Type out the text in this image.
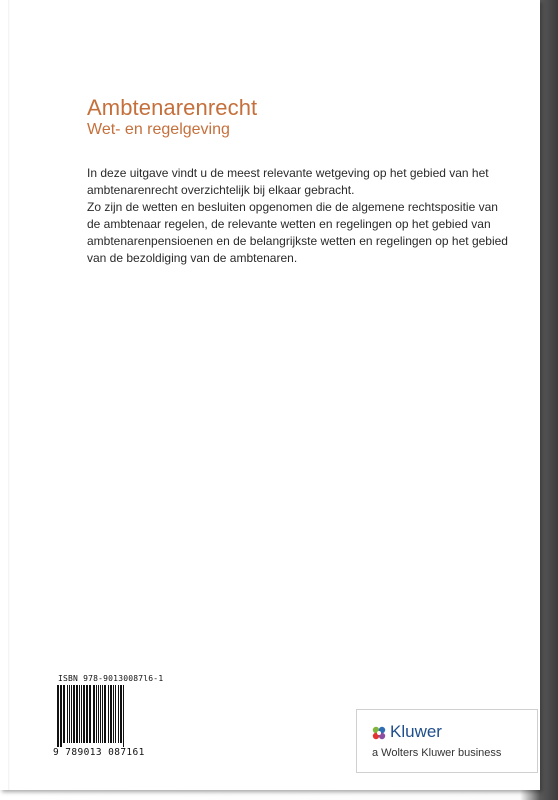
Ambtenarenrecht
Wet- en regelgeving

In deze uitgave vindt u de meest relevante wetgeving op het gebied van het

ambtenarenrecht overzichtelijk bij elkaar gebracht.

Zo zijn de wetten en besluiten opgenomen die de algemene rechtspositie van

de ambtenaar regelen, de relevante wetten en regelingen op het gebied van

ambtenarenpensioenen en de belangrijkste wetten en regelingen op het gebied

van de bezoldiging van de ambtenaren.

ISBN 978-90130087l6-1
9 789013 087161
Kluwer
a Wolters Kluwer business
